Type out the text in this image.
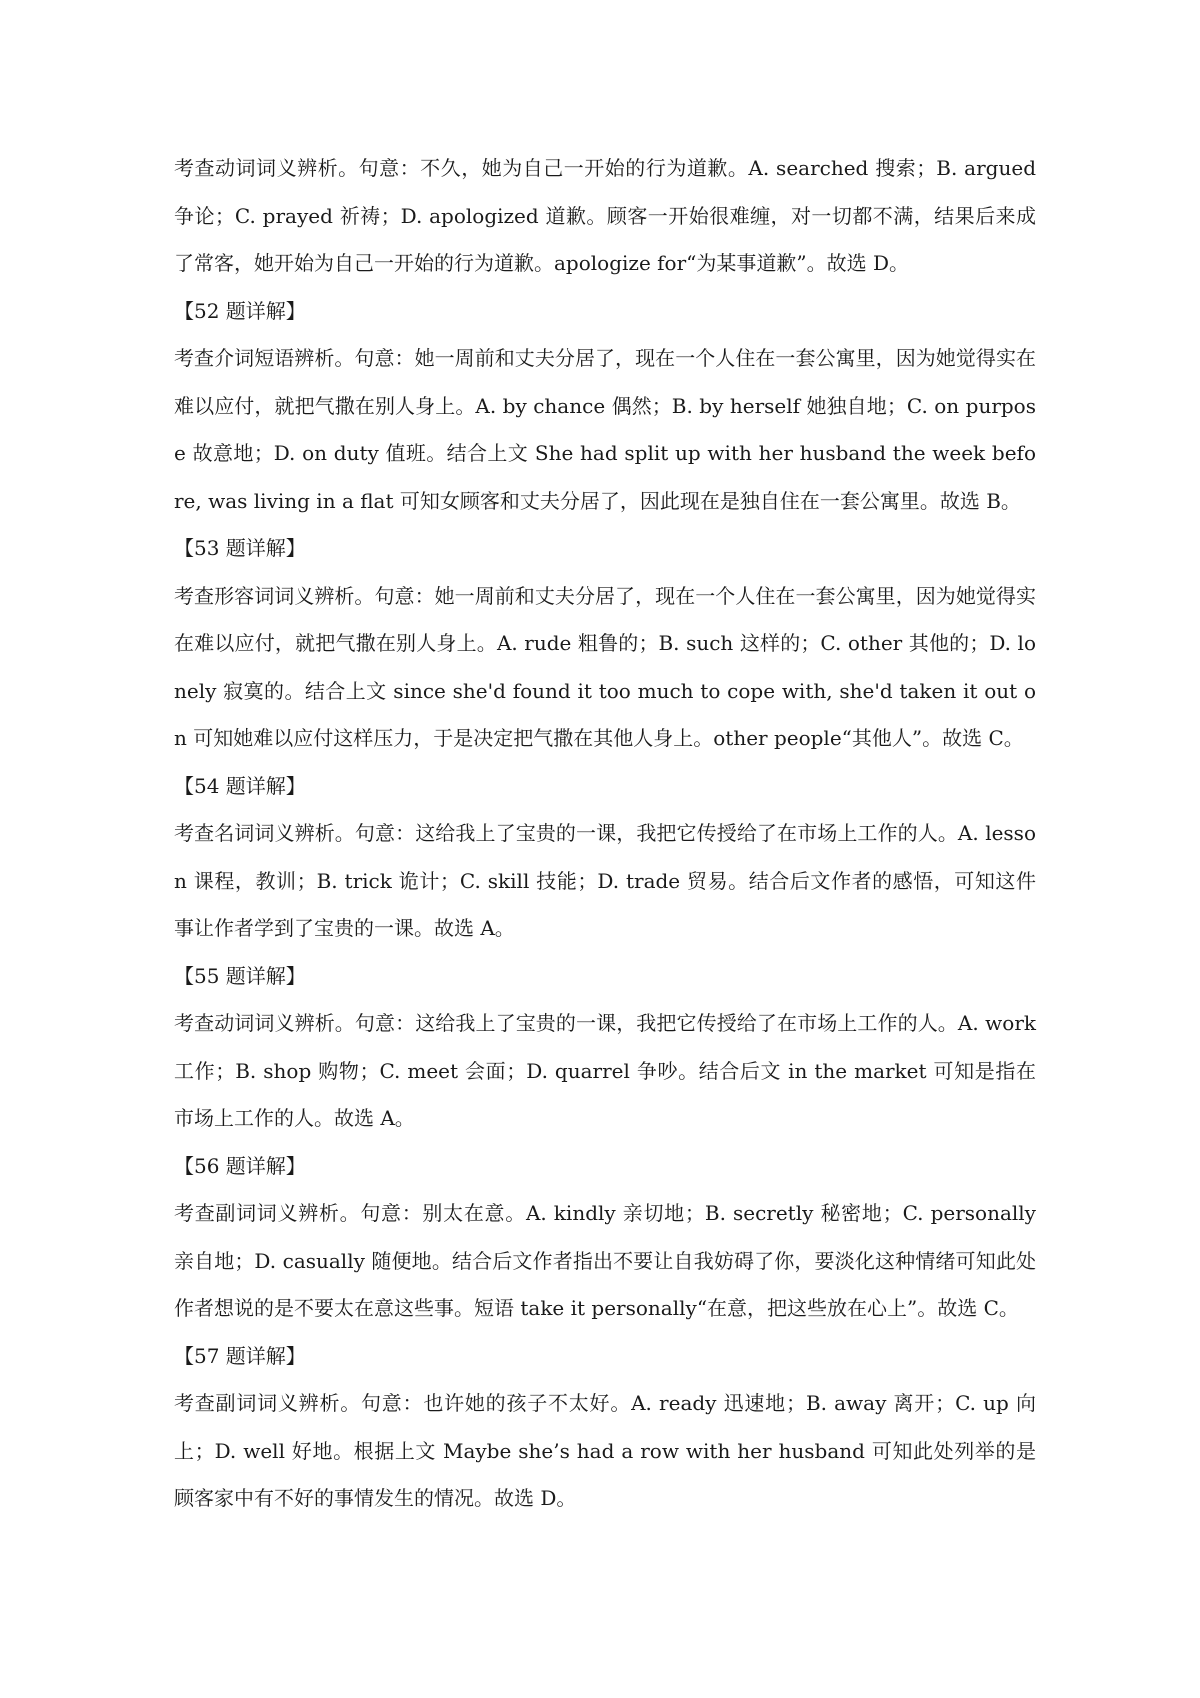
考查动词词义辨析。句意：不久，她为自己一开始的行为道歉。A. searched 搜索；B. argued 争论；C. prayed 祈祷；D. apologized 道歉。顾客一开始很难缠，对一切都不满，结果后来成了常客，她开始为自己一开始的行为道歉。apologize for“为某事道歉”。故选 D。

【52 题详解】

考查介词短语辨析。句意：她一周前和丈夫分居了，现在一个人住在一套公寓里，因为她觉得实在难以应付，就把气撒在别人身上。A. by chance 偶然；B. by herself 她独自地；C. on purpose 故意地；D. on duty 值班。结合上文 She had split up with her husband the week before, was living in a flat 可知女顾客和丈夫分居了，因此现在是独自住在一套公寓里。故选 B。

【53 题详解】

考查形容词词义辨析。句意：她一周前和丈夫分居了，现在一个人住在一套公寓里，因为她觉得实在难以应付，就把气撒在别人身上。A. rude 粗鲁的；B. such 这样的；C. other 其他的；D. lonely 寂寞的。结合上文 since she'd found it too much to cope with, she'd taken it out on 可知她难以应付这样压力，于是决定把气撒在其他人身上。other people“其他人”。故选 C。

【54 题详解】

考查名词词义辨析。句意：这给我上了宝贵的一课，我把它传授给了在市场上工作的人。A. lesson 课程，教训；B. trick 诡计；C. skill 技能；D. trade 贸易。结合后文作者的感悟，可知这件事让作者学到了宝贵的一课。故选 A。

【55 题详解】

考查动词词义辨析。句意：这给我上了宝贵的一课，我把它传授给了在市场上工作的人。A. work 工作；B. shop 购物；C. meet 会面；D. quarrel 争吵。结合后文 in the market 可知是指在市场上工作的人。故选 A。

【56 题详解】

考查副词词义辨析。句意：别太在意。A. kindly 亲切地；B. secretly 秘密地；C. personally 亲自地；D. casually 随便地。结合后文作者指出不要让自我妨碍了你，要淡化这种情绪可知此处作者想说的是不要太在意这些事。短语 take it personally“在意，把这些放在心上”。故选 C。

【57 题详解】

考查副词词义辨析。句意：也许她的孩子不太好。A. ready 迅速地；B. away 离开；C. up 向上；D. well 好地。根据上文 Maybe she’s had a row with her husband 可知此处列举的是顾客家中有不好的事情发生的情况。故选 D。
